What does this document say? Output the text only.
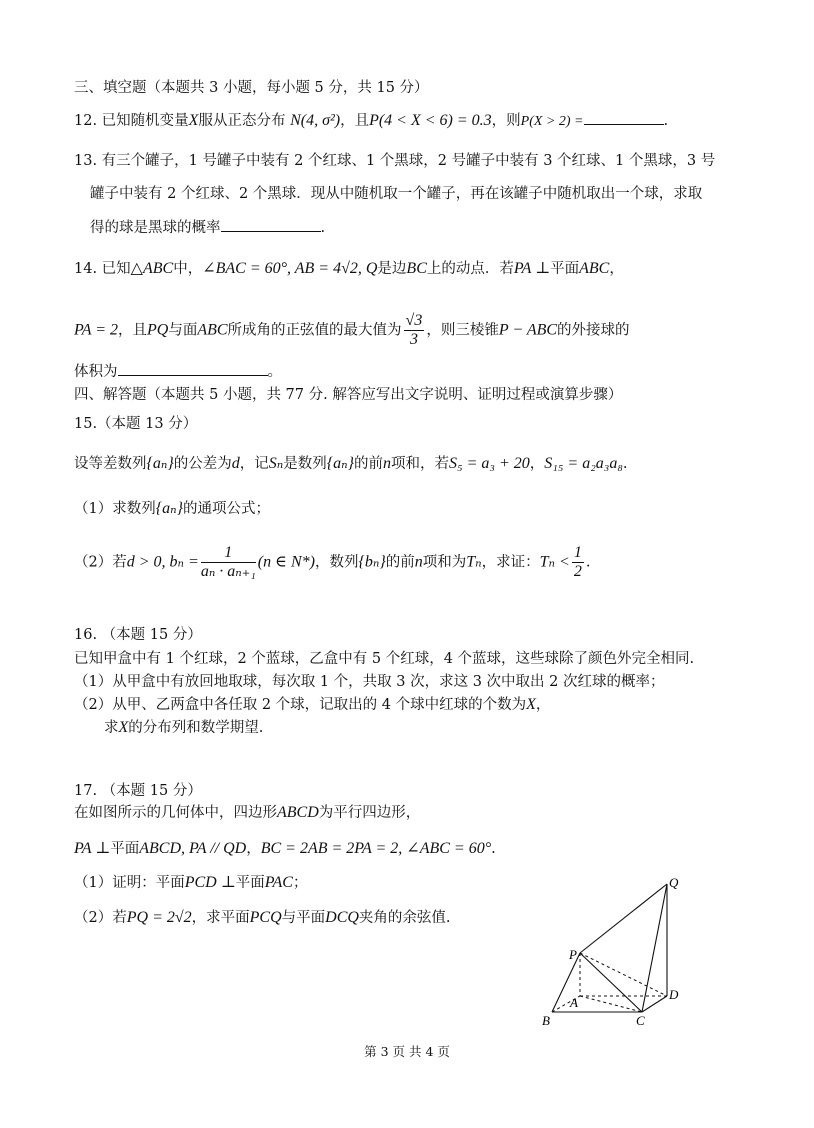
三、填空题（本题共 3 小题，每小题 5 分，共 15 分）
12. 已知随机变量X服从正态分布 N(4, σ²)，且P(4 < X < 6) = 0.3，则P(X > 2) =	.
13. 有三个罐子，1 号罐子中装有 2 个红球、1 个黑球，2 号罐子中装有 3 个红球、1 个黑球，3 号
罐子中装有 2 个红球、2 个黑球．现从中随机取一个罐子，再在该罐子中随机取出一个球，求取
得的球是黑球的概率	.
14. 已知△ABC中，∠BAC = 60°, AB = 4√2, Q是边BC上的动点．若PA ⊥平面ABC，
PA = 2，且PQ与面ABC所成角的正弦值的最大值为 $\frac{√3}{3}$ ，则三棱锥P − ABC的外接球的
体积为	。
四、解答题（本题共 5 小题，共 77 分. 解答应写出文字说明、证明过程或演算步骤）
15.（本题 13 分）
设等差数列{aₙ}的公差为d，记Sₙ是数列{aₙ}的前n项和，若S₅ = a₃ + 20，S₁₅ = a₂a₃a₈.
（1）求数列{aₙ}的通项公式；
（2）若d > 0, $b_n = \frac{1}{\text{aₙ · aₙ₊₁}} (n$ ∈ N*)，数列{bₙ}的前n项和为Tₙ，求证：$T_n < \frac{1}{2}$ .
16. （本题 15 分）
已知甲盒中有 1 个红球，2 个蓝球，乙盒中有 5 个红球，4 个蓝球，这些球除了颜色外完全相同.
（1）从甲盒中有放回地取球，每次取 1 个，共取 3 次，求这 3 次中取出 2 次红球的概率；
（2）从甲、乙两盒中各任取 2 个球，记取出的 4 个球中红球的个数为X，
求X的分布列和数学期望.
17. （本题 15 分）
在如图所示的几何体中，四边形ABCD为平行四边形，
PA ⊥平面ABCD, PA // QD，BC = 2AB = 2PA = 2, ∠ABC = 60°.
（1）证明：平面PCD ⊥平面PAC；
（2）若PQ = 2√2，求平面PCQ与平面DCQ夹角的余弦值.
Q
P
A
D
B	C
第 3 页 共 4 页
